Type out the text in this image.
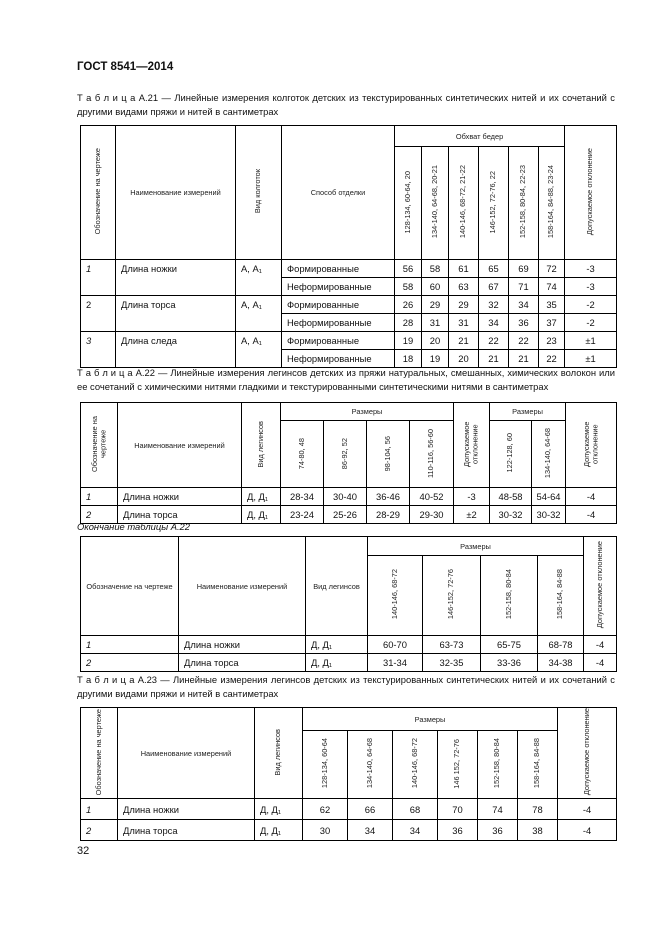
ГОСТ 8541—2014
Т а б л и ц а А.21 — Линейные измерения колготок детских из текстурированных синтетических нитей и их сочетаний с другими видами пряжи и нитей в сантиметрах
Обозначение на чертеже	Наименование измерений	Вид колготок	Способ отделки	Обхват бедер						Допускаемое отклонение
				128-134, 60-64, 20	134-140, 64-68, 20-21	140-146, 68-72, 21-22	146-152, 72-76, 22	152-158, 80-84, 22-23	158-164, 84-88, 23-24	
1	Длина ножки	А, А₁	Формированные	56	58	61	65	69	72	-3
			Неформированные	58	60	63	67	71	74	-3
2	Длина торса	А, А₁	Формированные	26	29	29	32	34	35	-2
			Неформированные	28	31	31	34	36	37	-2
3	Длина следа	А, А₁	Формированные	19	20	21	22	22	23	±1
			Неформированные	18	19	20	21	21	22	±1
Т а б л и ц а А.22 — Линейные измерения легинсов детских из пряжи натуральных, смешанных, химических волокон или ее сочетаний с химическими нитями гладкими и текстурированными синтетическими нитями в сантиметрах
Обозначение на чертеже	Наименование измерений	Вид легинсов	Размеры				Допускаемое отклонение	Размеры		Допускаемое отклонение
			74-80, 48	86-92, 52	98-104, 56	110-116, 56-60		122-128, 60	134-140, 64-68	
1	Длина ножки	Д, Д₁	28-34	30-40	36-46	40-52	-3	48-58	54-64	-4
2	Длина торса	Д, Д₁	23-24	25-26	28-29	29-30	±2	30-32	30-32	-4
Окончание таблицы А.22
Обозначение на чертеже	Наименование измерений	Вид легинсов	Размеры				Допускаемое отклонение
			140-146, 68-72	146-152, 72-76	152-158, 80-84	158-164, 84-88	
1	Длина ножки	Д, Д₁	60-70	63-73	65-75	68-78	-4
2	Длина торса	Д, Д₁	31-34	32-35	33-36	34-38	-4
Т а б л и ц а А.23 — Линейные измерения легинсов детских из текстурированных синтетических нитей и их сочетаний с другими видами пряжи и нитей в сантиметрах
Обозначение на чертеже	Наименование измерений	Вид легинсов	Размеры						Допускаемое отклонение
			128-134, 60-64	134-140, 64-68	140-146, 68-72	146 152, 72-76	152-158, 80-84	158-164, 84-88	
1	Длина ножки	Д, Д₁	62	66	68	70	74	78	-4
2	Длина торса	Д, Д₁	30	34	34	36	36	38	-4
32
